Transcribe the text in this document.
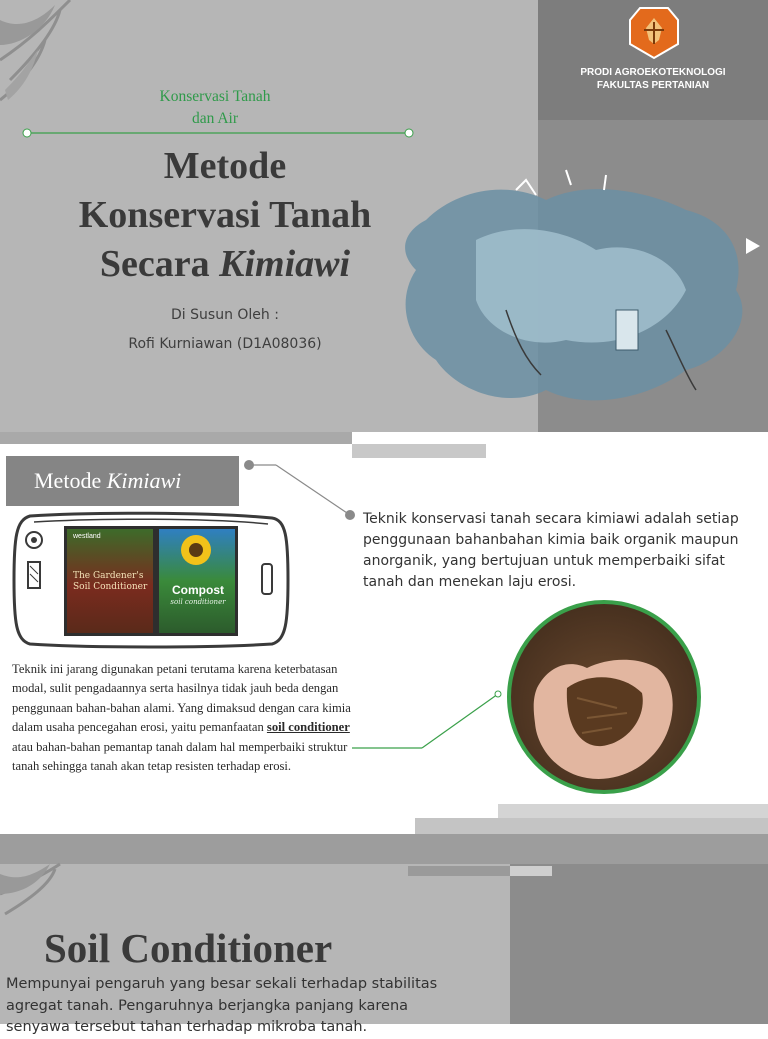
PRODI AGROEKOTEKNOLOGI
FAKULTAS PERTANIAN
Konservasi Tanah
dan Air
Metode
Konservasi Tanah
Secara Kimiawi
Di Susun Oleh :
Rofi Kurniawan (D1A08036)
Metode Kimiawi

Teknik konservasi tanah secara kimiawi adalah setiap penggunaan bahanbahan kimia baik organik maupun anorganik, yang bertujuan untuk memperbaiki sifat tanah dan menekan laju erosi.

westland
The Gardener's Soil Conditioner	Compost
soil conditioner

Teknik ini jarang digunakan petani terutama karena keterbatasan modal, sulit pengadaannya serta hasilnya tidak jauh beda dengan penggunaan bahan-bahan alami. Yang dimaksud dengan cara kimia dalam usaha pencegahan erosi, yaitu pemanfaatan soil conditioner atau bahan-bahan pemantap tanah dalam hal memperbaiki struktur tanah sehingga tanah akan tetap resisten terhadap erosi.

Soil Conditioner

Mempunyai pengaruh yang besar sekali terhadap stabilitas agregat tanah. Pengaruhnya berjangka panjang karena senyawa tersebut tahan terhadap mikroba tanah.
